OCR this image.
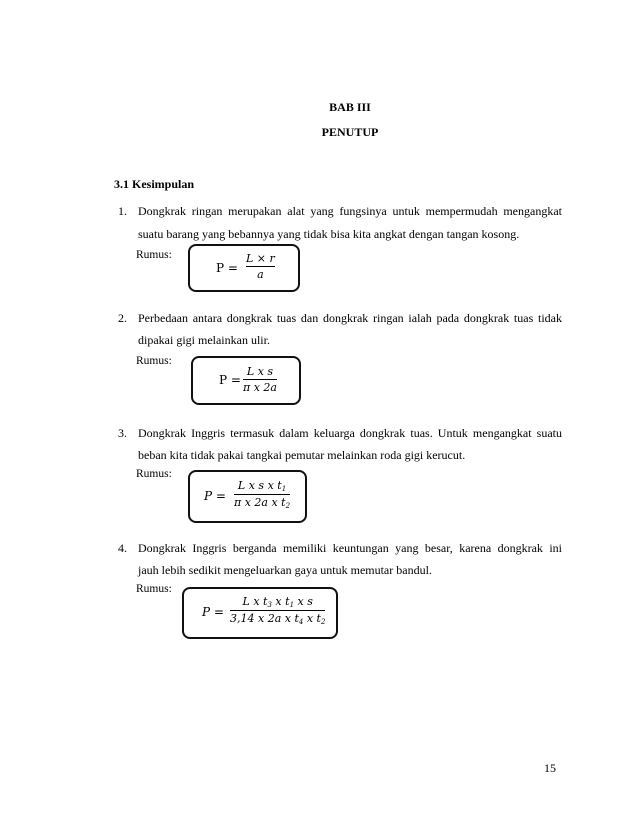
BAB III
PENUTUP
3.1 Kesimpulan
1. Dongkrak ringan merupakan alat yang fungsinya untuk mempermudah mengangkat
suatu barang yang bebannya yang tidak bisa kita angkat dengan tangan kosong.
Rumus:
P =
L × r
a
2. Perbedaan antara dongkrak tuas dan dongkrak ringan ialah pada dongkrak tuas tidak
dipakai gigi melainkan ulir.
Rumus:
P =
L x s
π x 2a
3. Dongkrak Inggris termasuk dalam keluarga dongkrak tuas. Untuk mengangkat suatu
beban kita tidak pakai tangkai pemutar melainkan roda gigi kerucut.
Rumus:
P =
L x s x $t_1$
π x 2a x $t_2$
4. Dongkrak Inggris berganda memiliki keuntungan yang besar, karena dongkrak ini
jauh lebih sedikit mengeluarkan gaya untuk memutar bandul.
Rumus:
P =
L x $t_3$ x $t_1$ x s
3,14 x 2a x $t_4$ x $t_2$
15
